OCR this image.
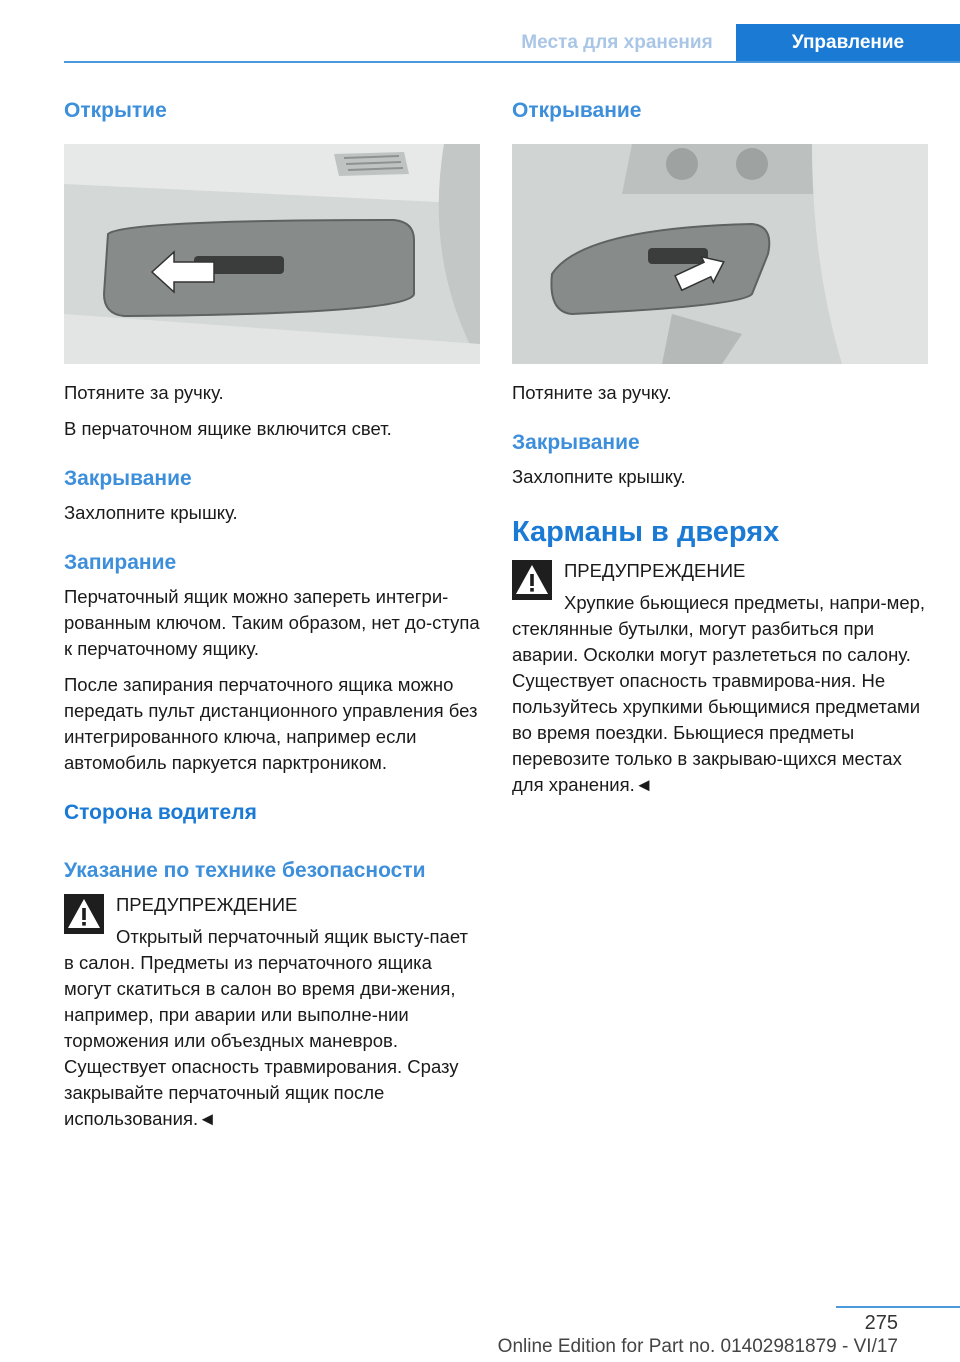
Места для хранения	Управление
Открытие

Потяните за ручку.

В перчаточном ящике включится свет.

Закрывание

Захлопните крышку.

Запирание

Перчаточный ящик можно запереть интегри-рованным ключом. Таким образом, нет до-ступа к перчаточному ящику.

После запирания перчаточного ящика можно передать пульт дистанционного управления без интегрированного ключа, например если автомобиль паркуется парктроником.

Сторона водителя
Указание по технике безопасности
ПРЕДУПРЕЖДЕНИЕ

Открытый перчаточный ящик высту-пает в салон. Предметы из перчаточного ящика могут скатиться в салон во время дви-жения, например, при аварии или выполне-нии торможения или объездных маневров. Существует опасность травмирования. Сразу закрывайте перчаточный ящик после использования.◄

Открывание

Потяните за ручку.

Закрывание

Захлопните крышку.

Карманы в дверях
ПРЕДУПРЕЖДЕНИЕ

Хрупкие бьющиеся предметы, напри-мер, стеклянные бутылки, могут разбиться при аварии. Осколки могут разлететься по салону. Существует опасность травмирова-ния. Не пользуйтесь хрупкими бьющимися предметами во время поездки. Бьющиеся предметы перевозите только в закрываю-щихся местах для хранения.◄

275
Online Edition for Part no. 01402981879 - VI/17
